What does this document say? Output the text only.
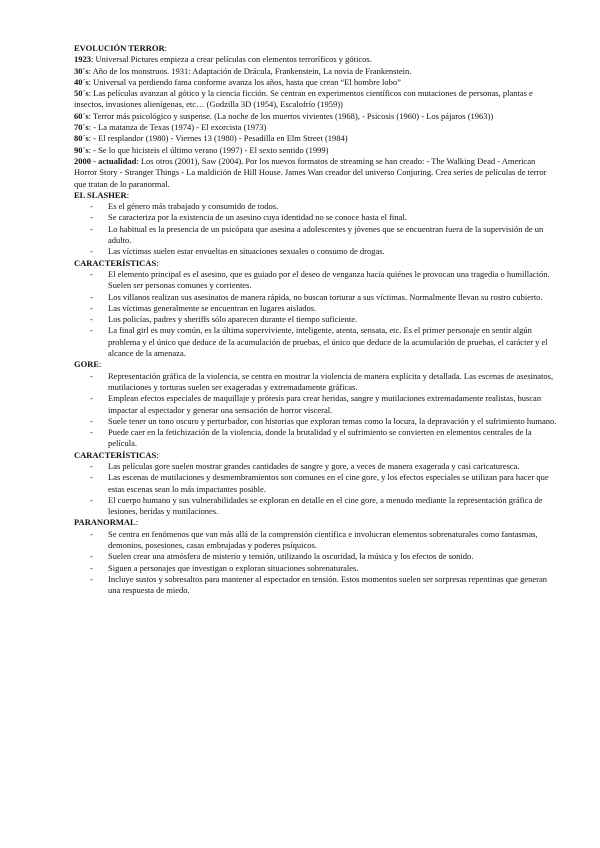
EVOLUCIÓN TERROR:

1923: Universal Pictures empieza a crear películas con elementos terroríficos y góticos.

30´s: Año de los monstruos. 1931: Adaptación de Drácula, Frankenstein, La novia de Frankenstein.

40´s: Universal va perdiendo fama conforme avanza los años, hasta que crean “El hombre lobo”

50´s: Las películas avanzan al gótico y la ciencia ficción. Se centran en experimentos científicos con mutaciones de personas, plantas e insectos, invasiones alienígenas, etc… (Godzilla 3D (1954), Escalofrío (1959))

60´s: Terror más psicológico y suspense. (La noche de los muertos vivientes (1968), - Psicosis (1960) - Los pájaros (1963))

70´s: - La matanza de Texas (1974) - El exorcista (1973)

80´s: - El resplandor (1980) - Viernes 13 (1980) - Pesadilla en Elm Street (1984)

90´s: - Se lo que hicisteis el último verano (1997) - El sexto sentido (1999)

2000 - actualidad: Los otros (2001), Saw (2004). Por los nuevos formatos de streaming se han creado: - The Walking Dead - American Horror Story - Stranger Things - La maldición de Hill House. James Wan creador del universo Conjuring. Crea series de películas de terror que tratan de lo paranormal.

EL SLASHER:

- Es el género más trabajado y consumido de todos.
- Se caracteriza por la existencia de un asesino cuya identidad no se conoce hasta el final.
- Lo habitual es la presencia de un psicópata que asesina a adolescentes y jóvenes que se encuentran fuera de la supervisión de un adulto.
- Las víctimas suelen estar envueltas en situaciones sexuales o consumo de drogas.

CARACTERÍSTICAS:

- El elemento principal es el asesino, que es guiado por el deseo de venganza hacia quiénes le provocan una tragedia o humillación. Suelen ser personas comunes y corrientes.
- Los villanos realizan sus asesinatos de manera rápida, no buscan torturar a sus víctimas. Normalmente llevan su rostro cubierto.
- Las víctimas generalmente se encuentran en lugares aislados.
- Los policías, padres y sheriffs sólo aparecen durante el tiempo suficiente.
- La final girl es muy común, es la última superviviente, inteligente, atenta, sensata, etc. Es el primer personaje en sentir algún problema y el único que deduce de la acumulación de pruebas, el único que deduce de la acumulación de pruebas, el carácter y el alcance de la amenaza.

GORE:

- Representación gráfica de la violencia, se centra en mostrar la violencia de manera explícita y detallada. Las escenas de asesinatos, mutilaciones y torturas suelen ser exageradas y extremadamente gráficas.
- Emplean efectos especiales de maquillaje y prótesis para crear heridas, sangre y mutilaciones extremadamente realistas, buscan impactar al espectador y generar una sensación de horror visceral.
- Suele tener un tono oscuro y perturbador, con historias que exploran temas como la locura, la depravación y el sufrimiento humano.
- Puede caer en la fetichización de la violencia, donde la brutalidad y el sufrimiento se convierten en elementos centrales de la película.

CARACTERÍSTICAS:

- Las películas gore suelen mostrar grandes cantidades de sangre y gore, a veces de manera exagerada y casi caricaturesca.
- Las escenas de mutilaciones y desmembramientos son comunes en el cine gore, y los efectos especiales se utilizan para hacer que estas escenas sean lo más impactantes posible.
- El cuerpo humano y sus vulnerabilidades se exploran en detalle en el cine gore, a menudo mediante la representación gráfica de lesiones, heridas y mutilaciones.

PARANORMAL:

- Se centra en fenómenos que van más allá de la comprensión científica e involucran elementos sobrenaturales como fantasmas, demonios, posesiones, casas embrujadas y poderes psíquicos.
- Suelen crear una atmósfera de misterio y tensión, utilizando la oscuridad, la música y los efectos de sonido.
- Siguen a personajes que investigan o exploran situaciones sobrenaturales.
- Incluye sustos y sobresaltos para mantener al espectador en tensión. Estos momentos suelen ser sorpresas repentinas que generan una respuesta de miedo.
